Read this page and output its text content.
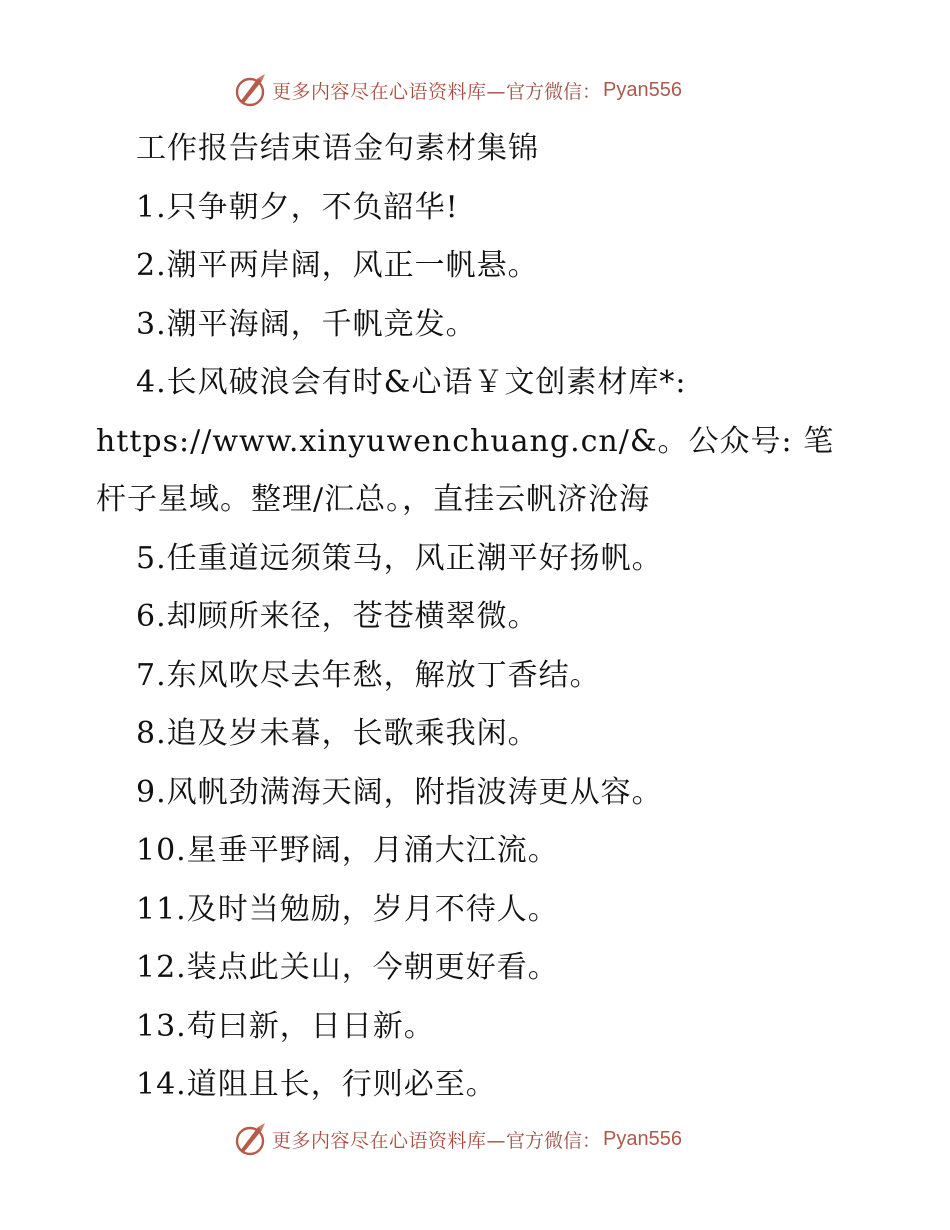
更多内容尽在心语资料库— 官方微信： Pyan556
工作报告结束语金句素材集锦
1.只争朝夕，不负韶华!
2.潮平两岸阔，风正一帆悬。
3.潮平海阔，千帆竞发。
4.长风破浪会有时&心语￥文创素材库*:
https://www.xinyuwenchuang.cn/&。公众号: 笔
杆子星域。整理/汇总。，直挂云帆济沧海
5.任重道远须策马，风正潮平好扬帆。
6.却顾所来径，苍苍横翠微。
7.东风吹尽去年愁，解放丁香结。
8.追及岁未暮，长歌乘我闲。
9.风帆劲满海天阔，附指波涛更从容。
10.星垂平野阔，月涌大江流。
11.及时当勉励，岁月不待人。
12.装点此关山，今朝更好看。
13.苟曰新，日日新。
14.道阻且长，行则必至。
更多内容尽在心语资料库— 官方微信： Pyan556
